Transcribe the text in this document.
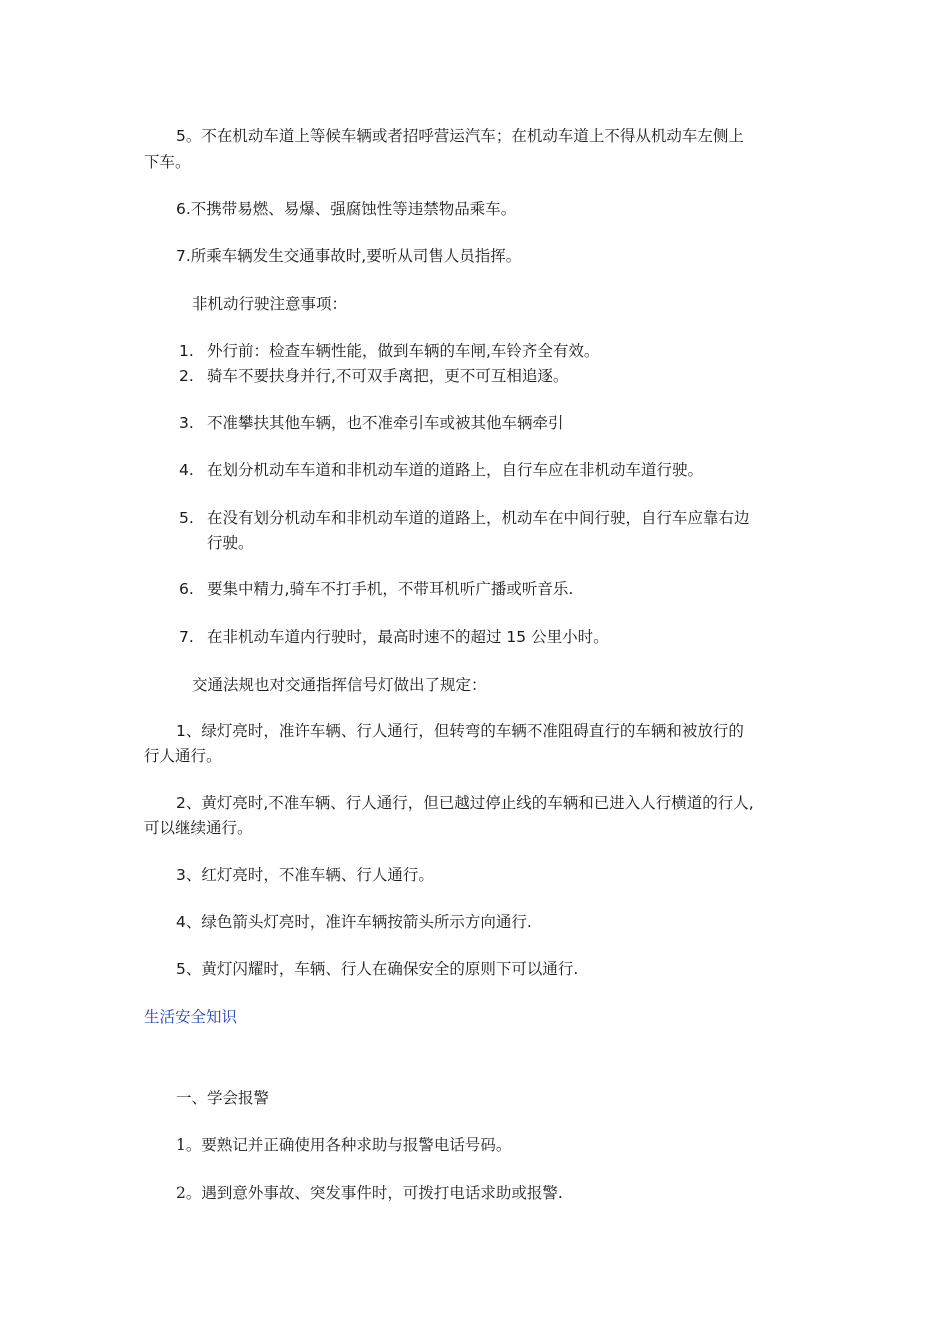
5。不在机动车道上等候车辆或者招呼营运汽车；在机动车道上不得从机动车左侧上

下车。

6.不携带易燃、易爆、强腐蚀性等违禁物品乘车。

7.所乘车辆发生交通事故时,要听从司售人员指挥。

非机动行驶注意事项：

1. 外行前：检查车辆性能，做到车辆的车闸,车铃齐全有效。

2. 骑车不要扶身并行,不可双手离把，更不可互相追逐。

3. 不准攀扶其他车辆，也不准牵引车或被其他车辆牵引

4. 在划分机动车车道和非机动车道的道路上，自行车应在非机动车道行驶。

5. 在没有划分机动车和非机动车道的道路上，机动车在中间行驶，自行车应靠右边

行驶。

6. 要集中精力,骑车不打手机，不带耳机听广播或听音乐.

7. 在非机动车道内行驶时，最高时速不的超过 15 公里小时。

交通法规也对交通指挥信号灯做出了规定：

1、绿灯亮时，准许车辆、行人通行，但转弯的车辆不准阻碍直行的车辆和被放行的

行人通行。

2、黄灯亮时,不准车辆、行人通行，但已越过停止线的车辆和已进入人行横道的行人,

可以继续通行。

3、红灯亮时，不准车辆、行人通行。

4、绿色箭头灯亮时，准许车辆按箭头所示方向通行.

5、黄灯闪耀时，车辆、行人在确保安全的原则下可以通行.

生活安全知识

一、学会报警

1。要熟记并正确使用各种求助与报警电话号码。

2。遇到意外事故、突发事件时，可拨打电话求助或报警.
